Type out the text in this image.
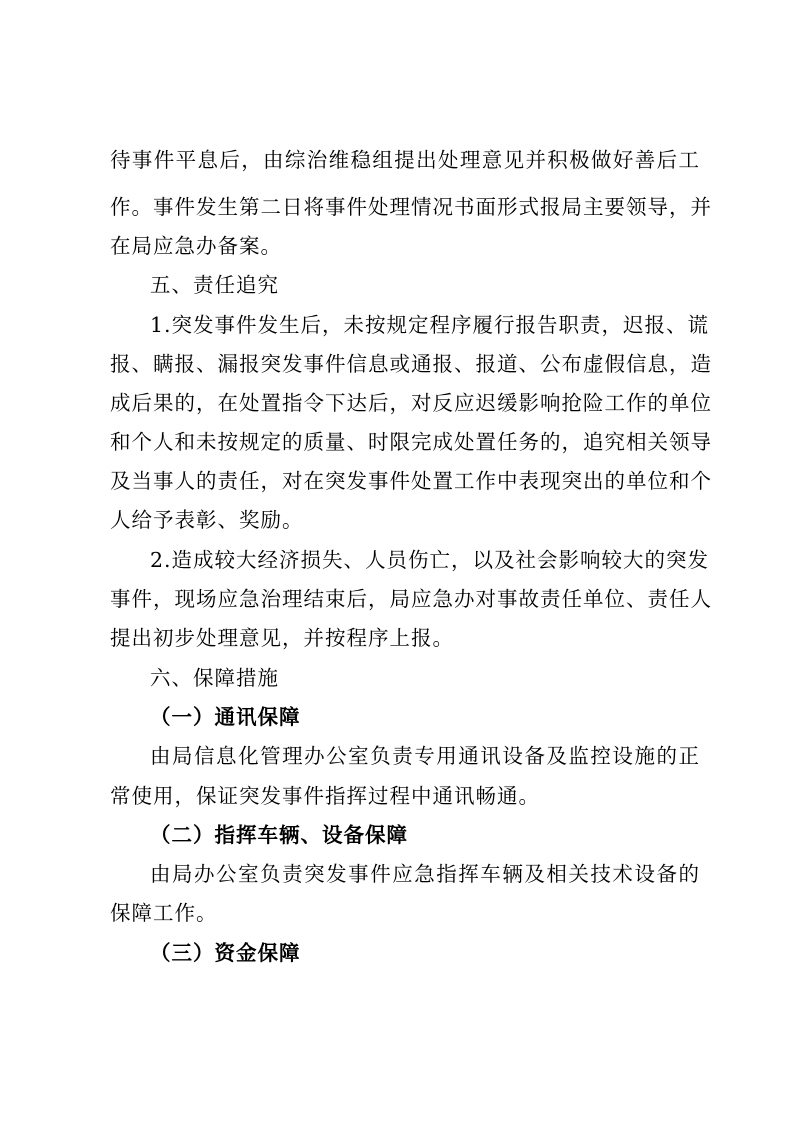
待事件平息后，由综治维稳组提出处理意见并积极做好善后工
作。事件发生第二日将事件处理情况书面形式报局主要领导，并
在局应急办备案。
五、责任追究
1.突发事件发生后，未按规定程序履行报告职责，迟报、谎
报、瞒报、漏报突发事件信息或通报、报道、公布虚假信息，造
成后果的，在处置指令下达后，对反应迟缓影响抢险工作的单位
和个人和未按规定的质量、时限完成处置任务的，追究相关领导
及当事人的责任，对在突发事件处置工作中表现突出的单位和个
人给予表彰、奖励。
2.造成较大经济损失、人员伤亡，以及社会影响较大的突发
事件，现场应急治理结束后，局应急办对事故责任单位、责任人
提出初步处理意见，并按程序上报。
六、保障措施
（一）通讯保障
由局信息化管理办公室负责专用通讯设备及监控设施的正
常使用，保证突发事件指挥过程中通讯畅通。
（二）指挥车辆、设备保障
由局办公室负责突发事件应急指挥车辆及相关技术设备的
保障工作。
（三）资金保障
